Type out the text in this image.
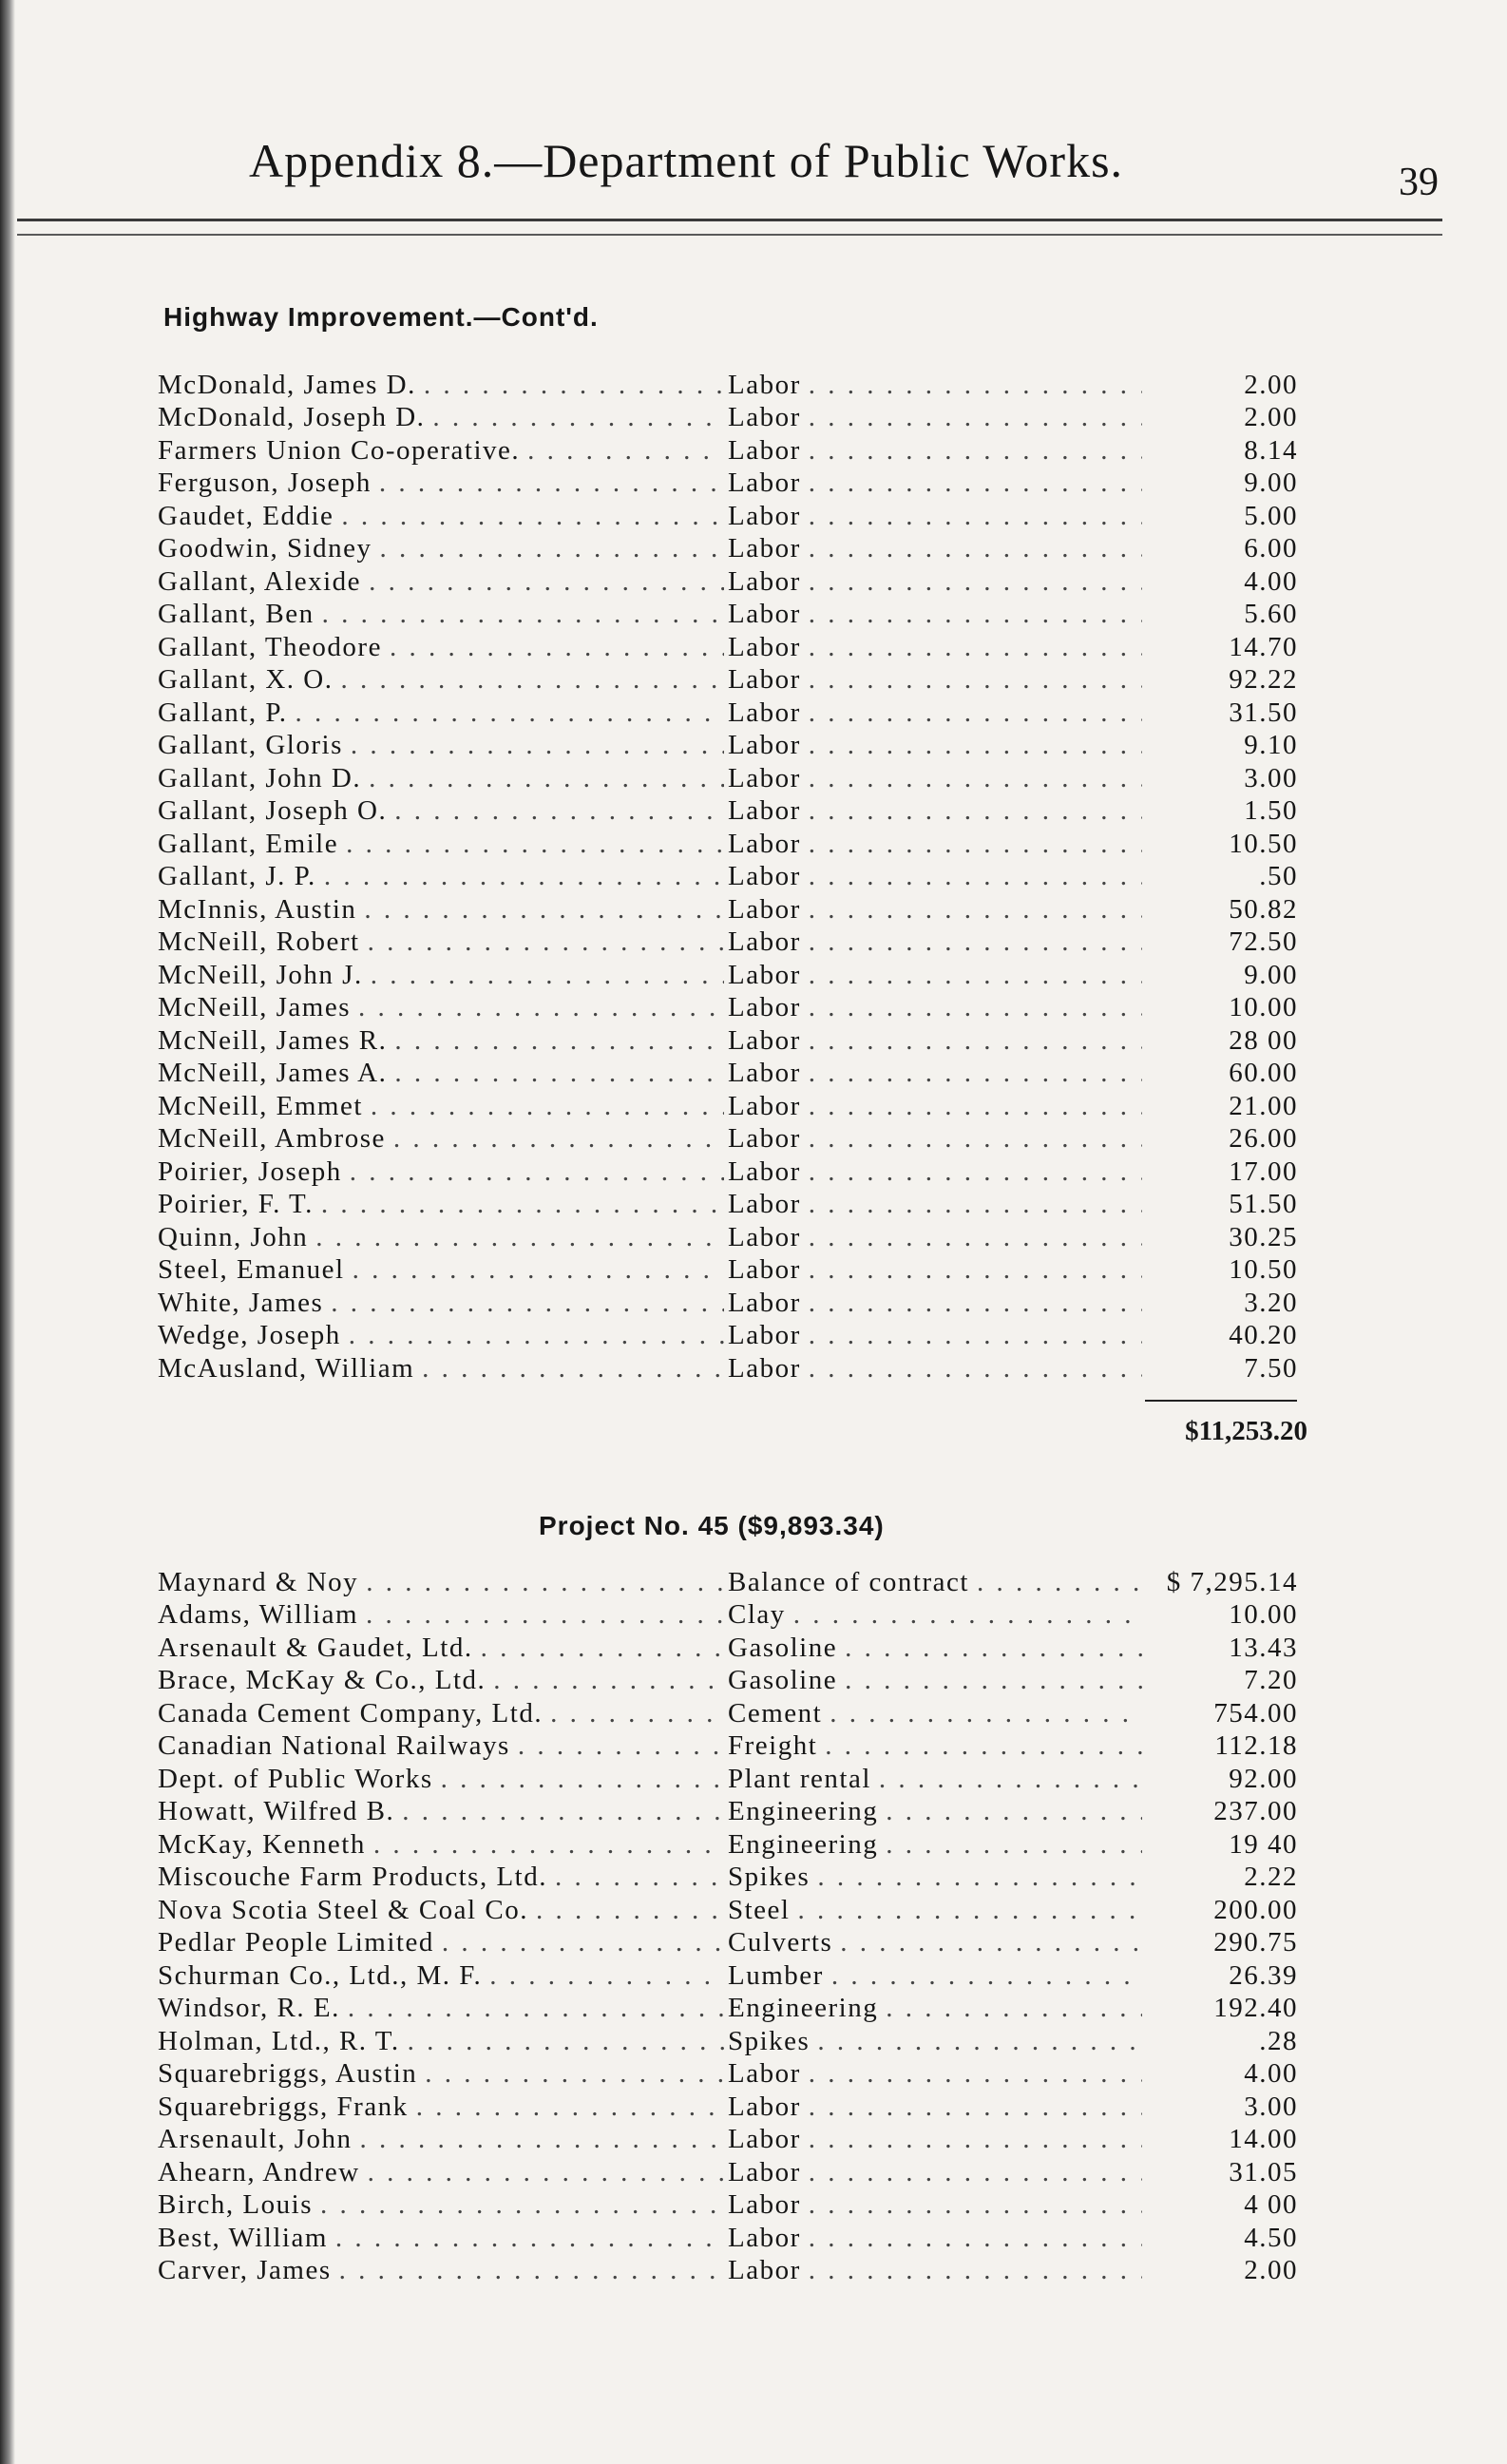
Appendix 8.—Department of Public Works.	39
Highway Improvement.—Cont'd.
McDonald, James D. . . .	Labor . . .	2.00
McDonald, Joseph D. . . .	Labor . . .	2.00
Farmers Union Co-operative. . . .	Labor . . .	8.14
Ferguson, Joseph . . .	Labor . . .	9.00
Gaudet, Eddie . . .	Labor . . .	5.00
Goodwin, Sidney . . .	Labor . . .	6.00
Gallant, Alexide . . .	Labor . . .	4.00
Gallant, Ben . . .	Labor . . .	5.60
Gallant, Theodore . . .	Labor . . .	14.70
Gallant, X. O. . . .	Labor . . .	92.22
Gallant, P. . . .	Labor . . .	31.50
Gallant, Gloris . . .	Labor . . .	9.10
Gallant, John D. . . .	Labor . . .	3.00
Gallant, Joseph O. . . .	Labor . . .	1.50
Gallant, Emile . . .	Labor . . .	10.50
Gallant, J. P. . . .	Labor . . .	.50
McInnis, Austin . . .	Labor . . .	50.82
McNeill, Robert . . .	Labor . . .	72.50
McNeill, John J. . . .	Labor . . .	9.00
McNeill, James . . .	Labor . . .	10.00
McNeill, James R. . . .	Labor . . .	28 00
McNeill, James A. . . .	Labor . . .	60.00
McNeill, Emmet . . .	Labor . . .	21.00
McNeill, Ambrose . . .	Labor . . .	26.00
Poirier, Joseph . . .	Labor . . .	17.00
Poirier, F. T. . . .	Labor . . .	51.50
Quinn, John . . .	Labor . . .	30.25
Steel, Emanuel . . .	Labor . . .	10.50
White, James . . .	Labor . . .	3.20
Wedge, Joseph . . .	Labor . . .	40.20
McAusland, William . . .	Labor . . .	7.50
$11,253.20
Project No. 45 ($9,893.34)
Maynard & Noy . . .	Balance of contract . . .	$ 7,295.14
Adams, William . . .	Clay . . .	10.00
Arsenault & Gaudet, Ltd. . . .	Gasoline . . .	13.43
Brace, McKay & Co., Ltd. . . .	Gasoline . . .	7.20
Canada Cement Company, Ltd. . . .	Cement . . .	754.00
Canadian National Railways . . .	Freight . . .	112.18
Dept. of Public Works . . .	Plant rental . . .	92.00
Howatt, Wilfred B. . . .	Engineering . . .	237.00
McKay, Kenneth . . .	Engineering . . .	19 40
Miscouche Farm Products, Ltd. . . .	Spikes . . .	2.22
Nova Scotia Steel & Coal Co. . . .	Steel . . .	200.00
Pedlar People Limited . . .	Culverts . . .	290.75
Schurman Co., Ltd., M. F. . . .	Lumber . . .	26.39
Windsor, R. E. . . .	Engineering . . .	192.40
Holman, Ltd., R. T. . . .	Spikes . . .	.28
Squarebriggs, Austin . . .	Labor . . .	4.00
Squarebriggs, Frank . . .	Labor . . .	3.00
Arsenault, John . . .	Labor . . .	14.00
Ahearn, Andrew . . .	Labor . . .	31.05
Birch, Louis . . .	Labor . . .	4 00
Best, William . . .	Labor . . .	4.50
Carver, James . . .	Labor . . .	2.00
